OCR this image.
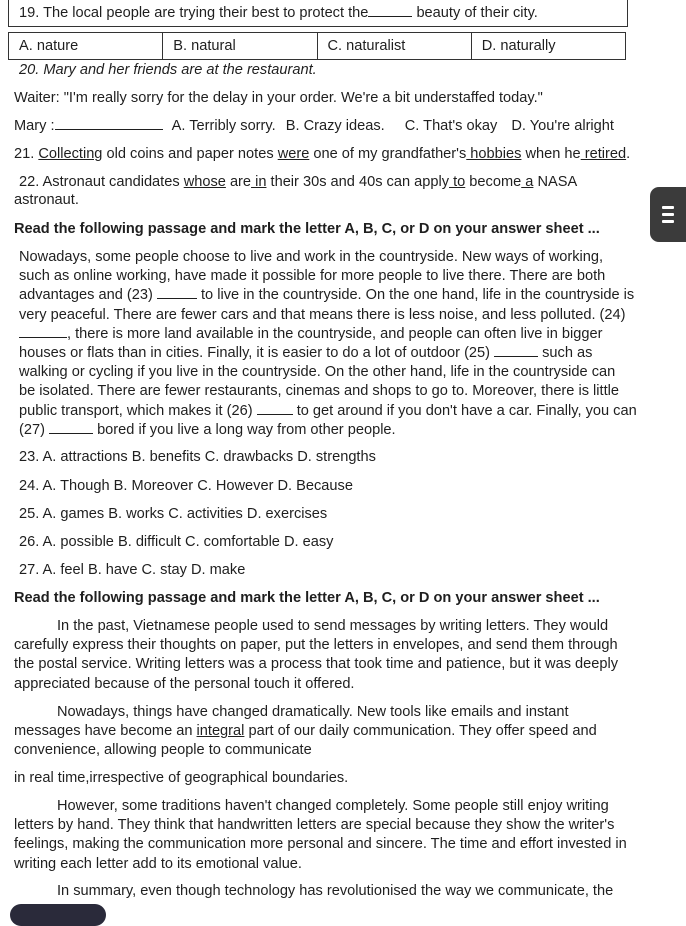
19. The local people are trying their best to protect the	beauty of their city.
A. nature	B. natural	C. naturalist	D. naturally
20. Mary and her friends are at the restaurant.
Waiter: "I'm really sorry for the delay in your order. We're a bit understaffed today."
Mary :	A. Terribly sorry. B. Crazy ideas. C. That's okay D. You're alright
21. Collecting old coins and paper notes were one of my grandfather's hobbies when he retired.
22. Astronaut candidates whose are in their 30s and 40s can apply to become a NASA
astronaut.
Read the following passage and mark the letter A, B, C, or D on your answer sheet ...
Nowadays, some people choose to live and work in the countryside. New ways of working,
such as online working, have made it possible for more people to live there. There are both
advantages and (23)	to live in the countryside. On the one hand, life in the countryside is
very peaceful. There are fewer cars and that means there is less noise, and less polluted. (24)
, there is more land available in the countryside, and people can often live in bigger
houses or flats than in cities. Finally, it is easier to do a lot of outdoor (25)	such as
walking or cycling if you live in the countryside. On the other hand, life in the countryside can
be isolated. There are fewer restaurants, cinemas and shops to go to. Moreover, there is little
public transport, which makes it (26)  to get around if you don't have a car. Finally, you can
(27)	bored if you live a long way from other people.
23. A. attractions B. benefits C. drawbacks D. strengths
24. A. Though B. Moreover C. However D. Because
25. A. games B. works C. activities D. exercises
26. A. possible B. difficult C. comfortable D. easy
27. A. feel B. have C. stay D. make
Read the following passage and mark the letter A, B, C, or D on your answer sheet ...
In the past, Vietnamese people used to send messages by writing letters. They would
carefully express their thoughts on paper, put the letters in envelopes, and send them through
the postal service. Writing letters was a process that took time and patience, but it was deeply
appreciated because of the personal touch it offered.
Nowadays, things have changed dramatically. New tools like emails and instant
messages have become an integral part of our daily communication. They offer speed and
convenience, allowing people to communicate
in real time,irrespective of geographical boundaries.
However, some traditions haven't changed completely. Some people still enjoy writing
letters by hand. They think that handwritten letters are special because they show the writer's
feelings, making the communication more personal and sincere. The time and effort invested in
writing each letter add to its emotional value.
In summary, even though technology has revolutionised the way we communicate, the
